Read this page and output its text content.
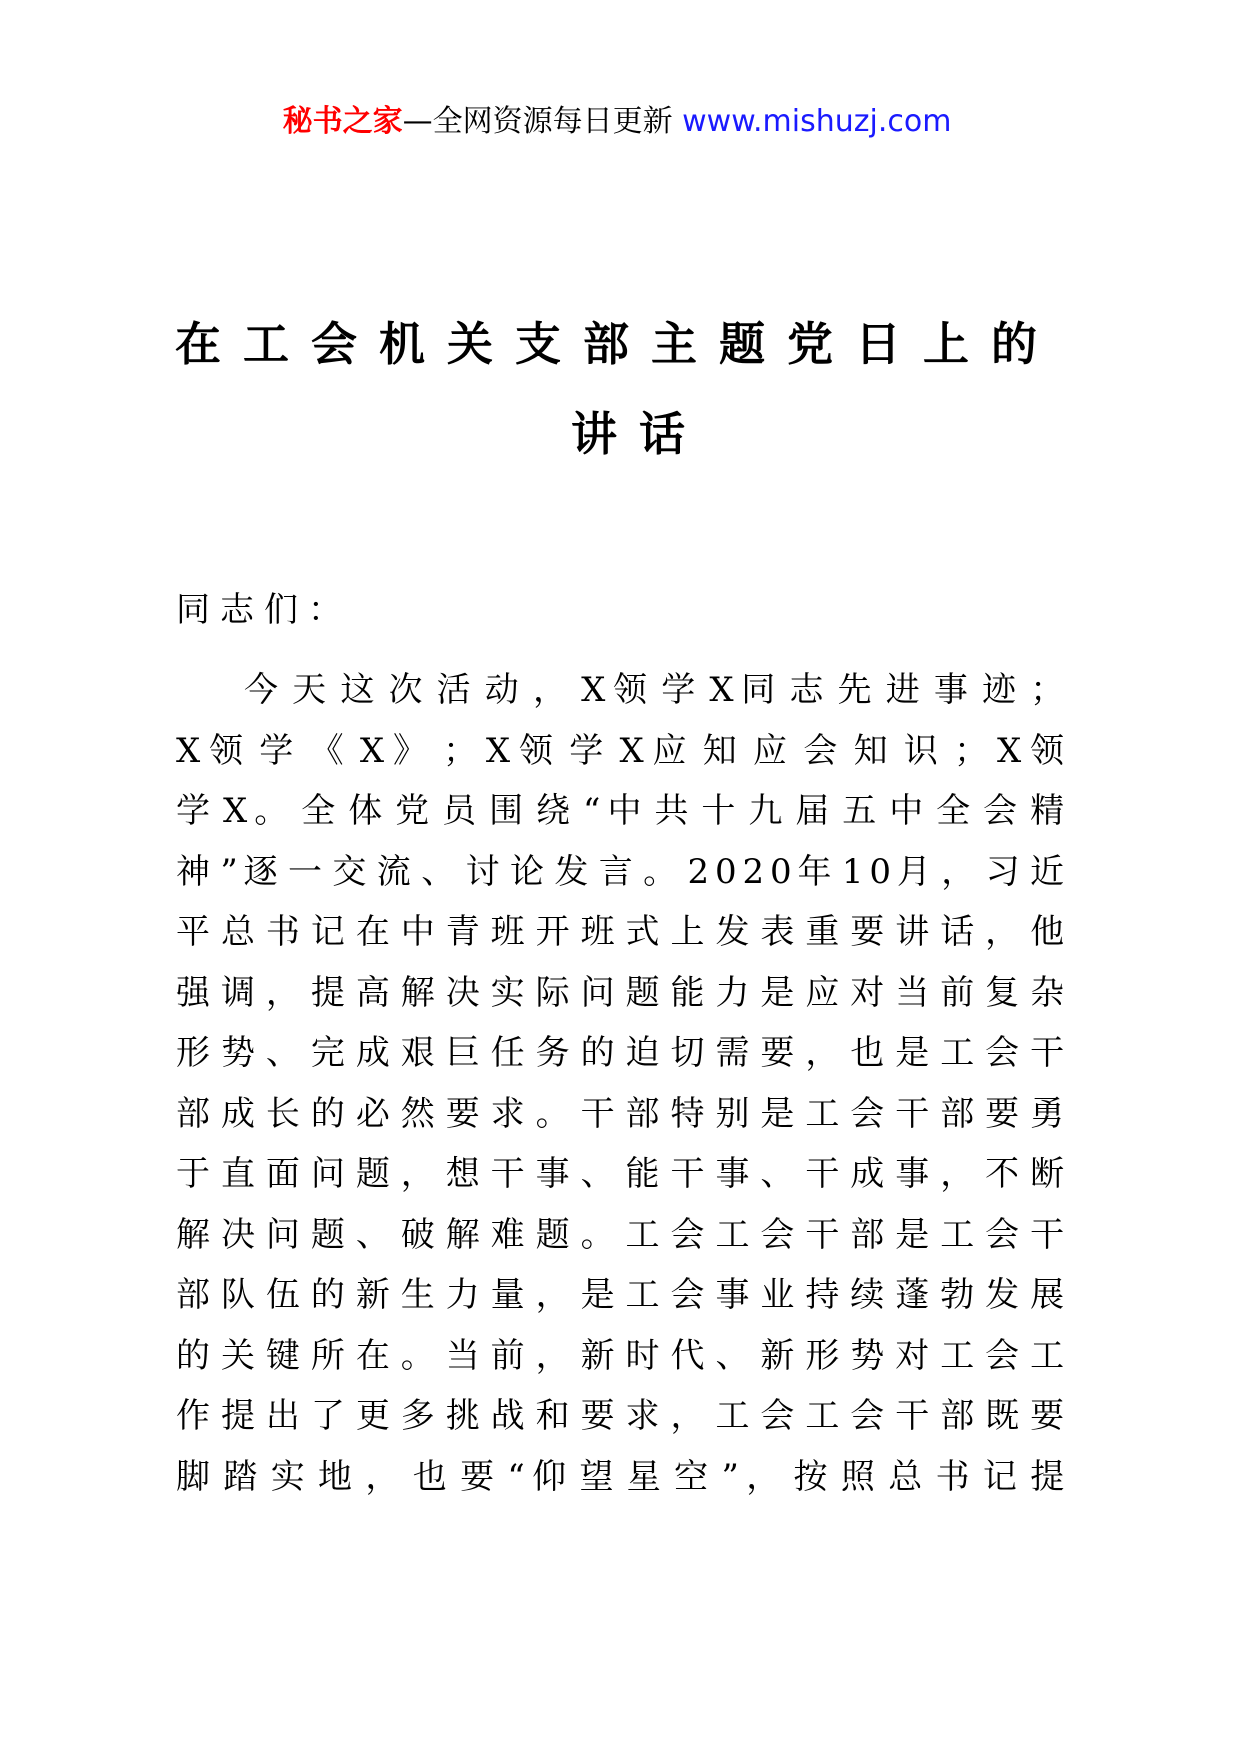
秘书之家—全网资源每日更新 www.mishuzj.com
在工会机关支部主题党日上的
讲话
同志们：
今 天 这 次 活 动 ， X 领 学 X 同 志 先 进 事 迹 ；
X 领 学 《 X 》 ； X 领 学 X 应 知 应 会 知 识 ； X 领
学 X 。 全 体 党 员 围 绕 “ 中 共 十 九 届 五 中 全 会 精
神 ” 逐 一 交 流 、 讨 论 发 言 。 2 0 2 0 年 1 0 月 ， 习 近
平 总 书 记 在 中 青 班 开 班 式 上 发 表 重 要 讲 话 ， 他
强 调 ， 提 高 解 决 实 际 问 题 能 力 是 应 对 当 前 复 杂
形 势 、 完 成 艰 巨 任 务 的 迫 切 需 要 ， 也 是 工 会 干
部 成 长 的 必 然 要 求 。 干 部 特 别 是 工 会 干 部 要 勇
于 直 面 问 题 ， 想 干 事 、 能 干 事 、 干 成 事 ， 不 断
解 决 问 题 、 破 解 难 题 。 工 会 工 会 干 部 是 工 会 干
部 队 伍 的 新 生 力 量 ， 是 工 会 事 业 持 续 蓬 勃 发 展
的 关 键 所 在 。 当 前 ， 新 时 代 、 新 形 势 对 工 会 工
作 提 出 了 更 多 挑 战 和 要 求 ， 工 会 工 会 干 部 既 要
脚 踏 实 地 ， 也 要 “ 仰 望 星 空 ” ， 按 照 总 书 记 提
